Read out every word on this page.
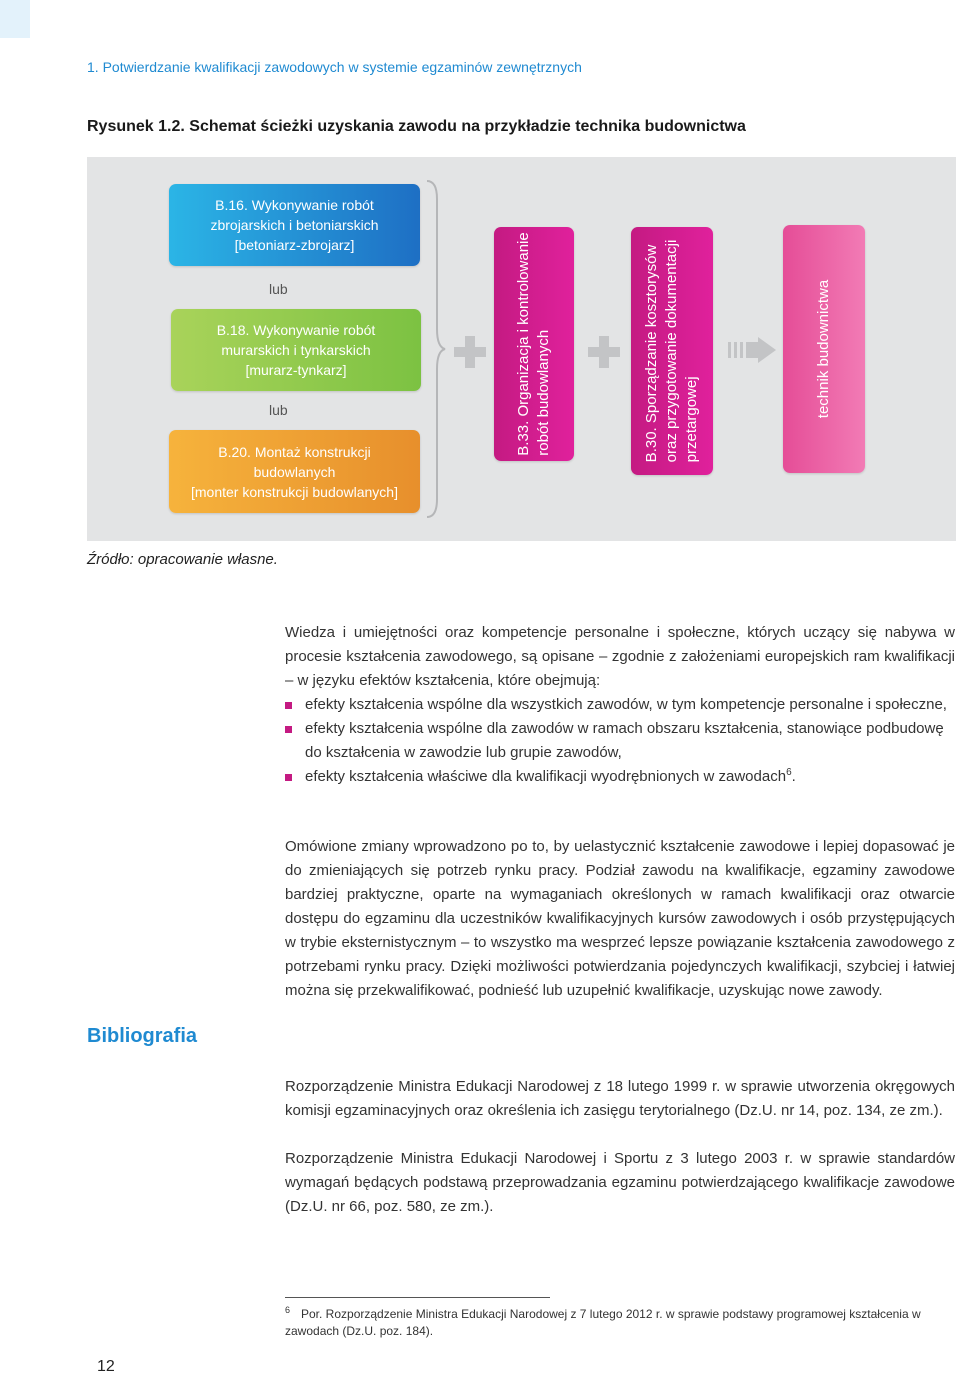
1. Potwierdzanie kwalifikacji zawodowych w systemie egzaminów zewnętrznych
Rysunek 1.2. Schemat ścieżki uzyskania zawodu na przykładzie technika budownictwa
B.16. Wykonywanie robót
zbrojarskich i betoniarskich
[betoniarz-zbrojarz]
lub
B.18. Wykonywanie robót
murarskich i tynkarskich
[murarz-tynkarz]
lub
B.20. Montaż konstrukcji
budowlanych
[monter konstrukcji budowlanych]
B.33. Organizacja i kontrolowanie
robót budowlanych
B.30. Sporządzanie kosztorysów
oraz przygotowanie dokumentacji
przetargowej
technik budownictwa
Źródło: opracowanie własne.
Wiedza i umiejętności oraz kompetencje personalne i społeczne, których uczący się nabywa w procesie kształcenia zawodowego, są opisane – zgodnie z założeniami europejskich ram kwalifikacji – w języku efektów kształcenia, które obejmują:
efekty kształcenia wspólne dla wszystkich zawodów, w tym kompetencje personalne i społeczne,
efekty kształcenia wspólne dla zawodów w ramach obszaru kształcenia, stanowiące podbudowę do kształcenia w zawodzie lub grupie zawodów,
efekty kształcenia właściwe dla kwalifikacji wyodrębnionych w zawodach$^6$.
Omówione zmiany wprowadzono po to, by uelastycznić kształcenie zawodowe i lepiej dopasować je do zmieniających się potrzeb rynku pracy. Podział zawodu na kwalifikacje, egzaminy zawodowe bardziej praktyczne, oparte na wymaganiach określonych w ramach kwalifikacji oraz otwarcie dostępu do egzaminu dla uczestników kwalifikacyjnych kursów zawodowych i osób przystępujących w trybie eksternistycznym – to wszystko ma wesprzeć lepsze powiązanie kształcenia zawodowego z potrzebami rynku pracy. Dzięki możliwości potwierdzania pojedynczych kwalifikacji, szybciej i łatwiej można się przekwalifikować, podnieść lub uzupełnić kwalifikacje, uzyskując nowe zawody.
Bibliografia
Rozporządzenie Ministra Edukacji Narodowej z 18 lutego 1999 r. w sprawie utworzenia okręgowych komisji egzaminacyjnych oraz określenia ich zasięgu terytorialnego (Dz.U. nr 14, poz. 134, ze zm.).
Rozporządzenie Ministra Edukacji Narodowej i Sportu z 3 lutego 2003 r. w sprawie standardów wymagań będących podstawą przeprowadzania egzaminu potwierdzającego kwalifikacje zawodowe (Dz.U. nr 66, poz. 580, ze zm.).
6 Por. Rozporządzenie Ministra Edukacji Narodowej z 7 lutego 2012 r. w sprawie podstawy programowej kształcenia w zawodach (Dz.U. poz. 184).
12
